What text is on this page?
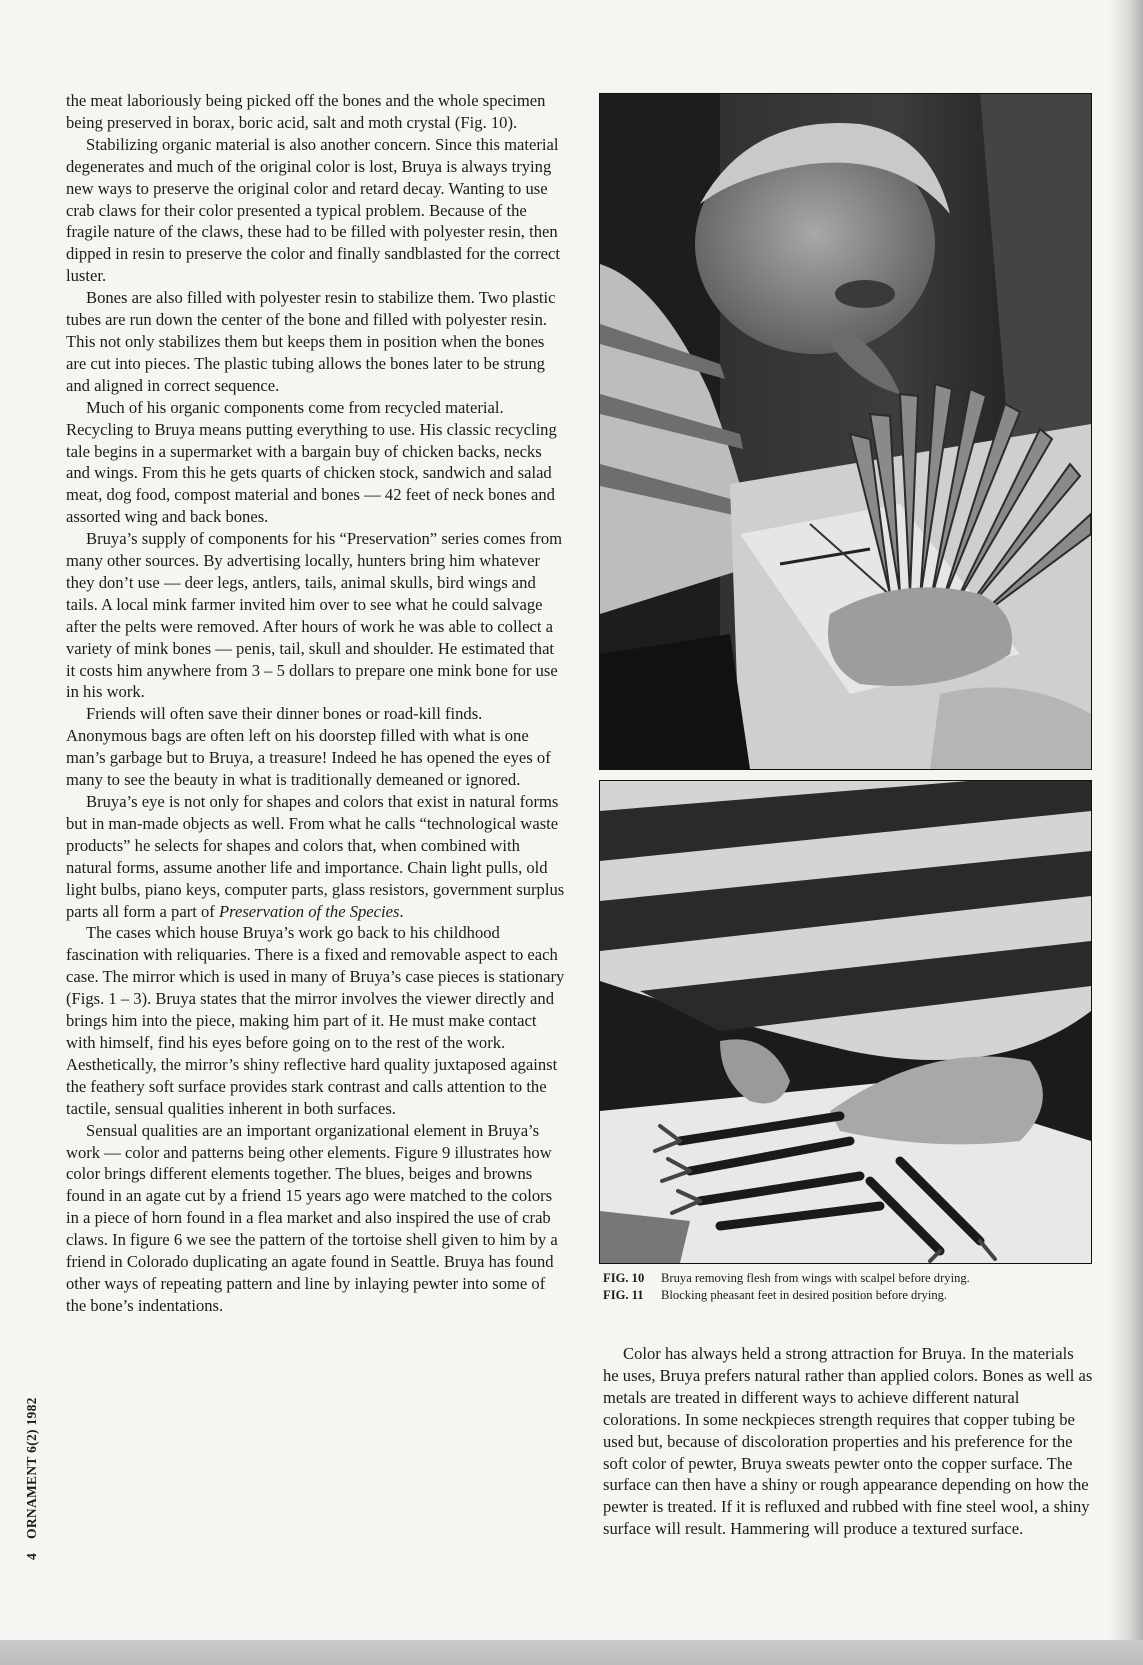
the meat laboriously being picked off the bones and the whole specimen being preserved in borax, boric acid, salt and moth crystal (Fig. 10).

Stabilizing organic material is also another concern. Since this material degenerates and much of the original color is lost, Bruya is always trying new ways to preserve the original color and retard decay. Wanting to use crab claws for their color presented a typical problem. Because of the fragile nature of the claws, these had to be filled with polyester resin, then dipped in resin to preserve the color and finally sandblasted for the correct luster.

Bones are also filled with polyester resin to stabilize them. Two plastic tubes are run down the center of the bone and filled with polyester resin. This not only stabilizes them but keeps them in position when the bones are cut into pieces. The plastic tubing allows the bones later to be strung and aligned in correct sequence.

Much of his organic components come from recycled material. Recycling to Bruya means putting everything to use. His classic recycling tale begins in a supermarket with a bargain buy of chicken backs, necks and wings. From this he gets quarts of chicken stock, sandwich and salad meat, dog food, compost material and bones — 42 feet of neck bones and assorted wing and back bones.

Bruya’s supply of components for his “Preservation” series comes from many other sources. By advertising locally, hunters bring him whatever they don’t use — deer legs, antlers, tails, animal skulls, bird wings and tails. A local mink farmer invited him over to see what he could salvage after the pelts were removed. After hours of work he was able to collect a variety of mink bones — penis, tail, skull and shoulder. He estimated that it costs him anywhere from 3 – 5 dollars to prepare one mink bone for use in his work.

Friends will often save their dinner bones or road-kill finds. Anonymous bags are often left on his doorstep filled with what is one man’s garbage but to Bruya, a treasure! Indeed he has opened the eyes of many to see the beauty in what is traditionally demeaned or ignored.

Bruya’s eye is not only for shapes and colors that exist in natural forms but in man-made objects as well. From what he calls “technological waste products” he selects for shapes and colors that, when combined with natural forms, assume another life and importance. Chain light pulls, old light bulbs, piano keys, computer parts, glass resistors, government surplus parts all form a part of Preservation of the Species.

The cases which house Bruya’s work go back to his childhood fascination with reliquaries. There is a fixed and removable aspect to each case. The mirror which is used in many of Bruya’s case pieces is stationary (Figs. 1 – 3). Bruya states that the mirror involves the viewer directly and brings him into the piece, making him part of it. He must make contact with himself, find his eyes before going on to the rest of the work. Aesthetically, the mirror’s shiny reflective hard quality juxtaposed against the feathery soft surface provides stark contrast and calls attention to the tactile, sensual qualities inherent in both surfaces.

Sensual qualities are an important organizational element in Bruya’s work — color and patterns being other elements. Figure 9 illustrates how color brings different elements together. The blues, beiges and browns found in an agate cut by a friend 15 years ago were matched to the colors in a piece of horn found in a flea market and also inspired the use of crab claws. In figure 6 we see the pattern of the tortoise shell given to him by a friend in Colorado duplicating an agate found in Seattle. Bruya has found other ways of repeating pattern and line by inlaying pewter into some of the bone’s indentations.

FIG. 10 Bruya removing flesh from wings with scalpel before drying.
FIG. 11 Blocking pheasant feet in desired position before drying.

Color has always held a strong attraction for Bruya. In the materials he uses, Bruya prefers natural rather than applied colors. Bones as well as metals are treated in different ways to achieve different natural colorations. In some neckpieces strength requires that copper tubing be used but, because of discoloration properties and his preference for the soft color of pewter, Bruya sweats pewter onto the copper surface. The surface can then have a shiny or rough appearance depending on how the pewter is treated. If it is refluxed and rubbed with fine steel wool, a shiny surface will result. Hammering will produce a textured surface.

4ORNAMENT 6(2) 1982
